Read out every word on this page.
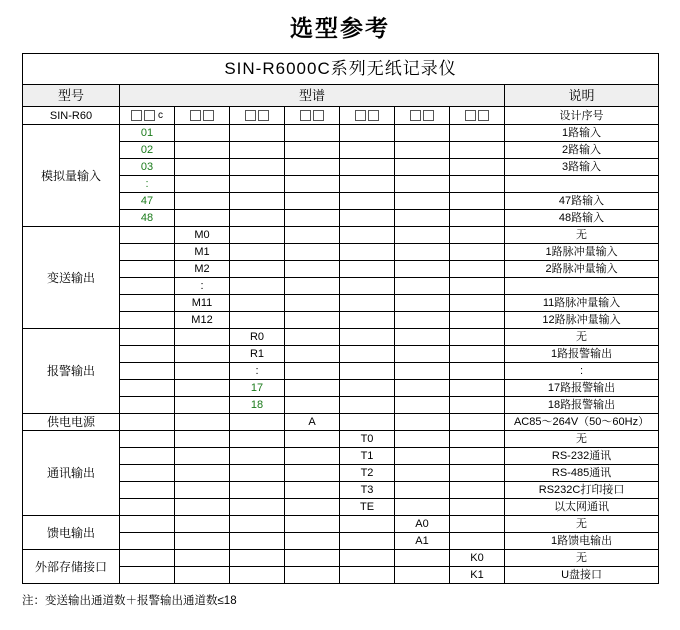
选型参考
SIN-R6000C系列无纸记录仪								
型号	型谱							说明
SIN-R60	c							设计序号
模拟量输入	01							1路输入
	02							2路输入
	03							3路输入
	:							
	47							47路输入
	48							48路输入
变送输出		M0						无
		M1						1路脉冲量输入
		M2						2路脉冲量输入
		:						
		M11						11路脉冲量输入
		M12						12路脉冲量输入
报警输出			R0					无
			R1					1路报警输出
			:					:
			17					17路报警输出
			18					18路报警输出
供电电源				A				AC85～264V（50～60Hz）
通讯输出					T0			无
					T1			RS-232通讯
					T2			RS-485通讯
					T3			RS232C打印接口
					TE			以太网通讯
馈电输出						A0		无
						A1		1路馈电输出
外部存储接口							K0	无
							K1	U盘接口
注：变送输出通道数＋报警输出通道数≤18
